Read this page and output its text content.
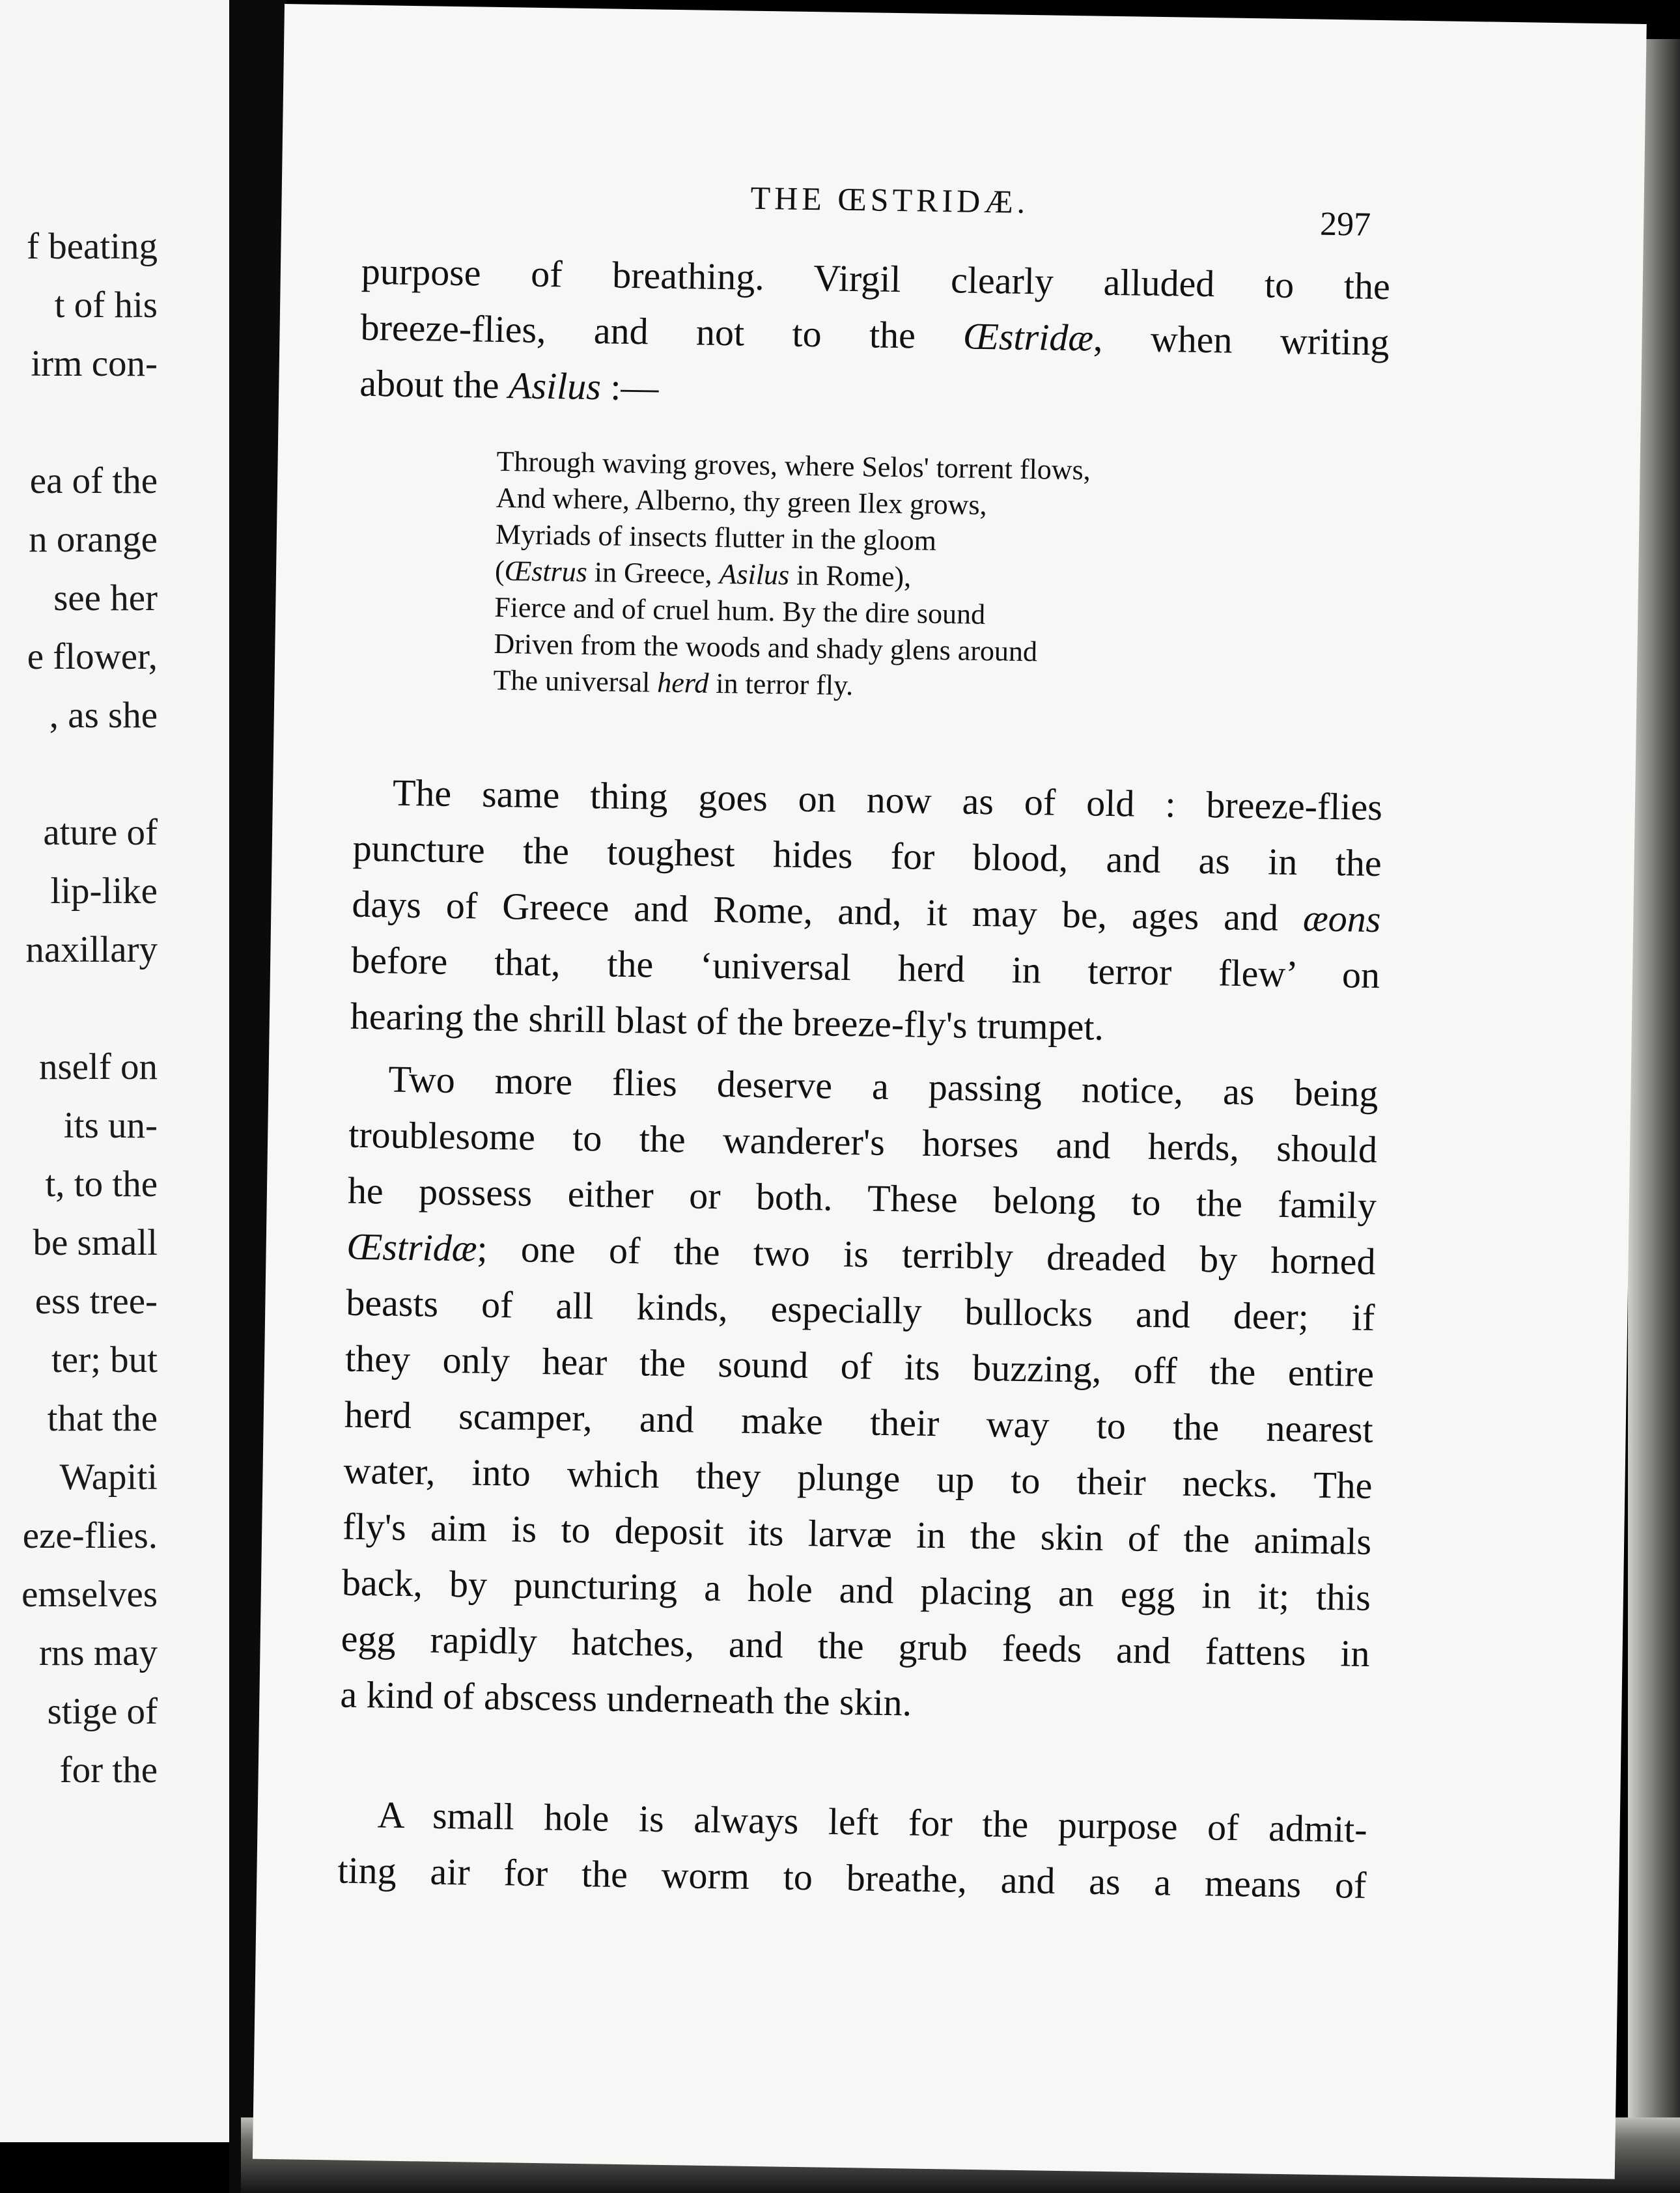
f beating
t of his
irm con-
ea of the
n orange
see her
e flower,
, as she
ature of
lip-like
naxillary
nself on
its un-
t, to the
be small
ess tree-
ter; but
that the
Wapiti
eze-flies.
emselves
rns may
stige of
for the
THE ŒSTRIDÆ.
297

purpose of breathing. Virgil clearly alluded to the
breeze-flies, and not to the Œstridæ, when writing
about the Asilus :—

Through waving groves, where Selos' torrent flows,
And where, Alberno, thy green Ilex grows,
Myriads of insects flutter in the gloom
(Œstrus in Greece, Asilus in Rome),
Fierce and of cruel hum. By the dire sound
Driven from the woods and shady glens around
The universal herd in terror fly.

The same thing goes on now as of old : breeze-flies
puncture the toughest hides for blood, and as in the
days of Greece and Rome, and, it may be, ages and æons
before that, the ‘universal herd in terror flew’ on
hearing the shrill blast of the breeze-fly's trumpet.

Two more flies deserve a passing notice, as being
troublesome to the wanderer's horses and herds, should
he possess either or both. These belong to the family
Œstridæ; one of the two is terribly dreaded by horned
beasts of all kinds, especially bullocks and deer; if
they only hear the sound of its buzzing, off the entire
herd scamper, and make their way to the nearest
water, into which they plunge up to their necks. The
fly's aim is to deposit its larvæ in the skin of the animals
back, by puncturing a hole and placing an egg in it; this
egg rapidly hatches, and the grub feeds and fattens in
a kind of abscess underneath the skin.

A small hole is always left for the purpose of admit-
ting air for the worm to breathe, and as a means of
